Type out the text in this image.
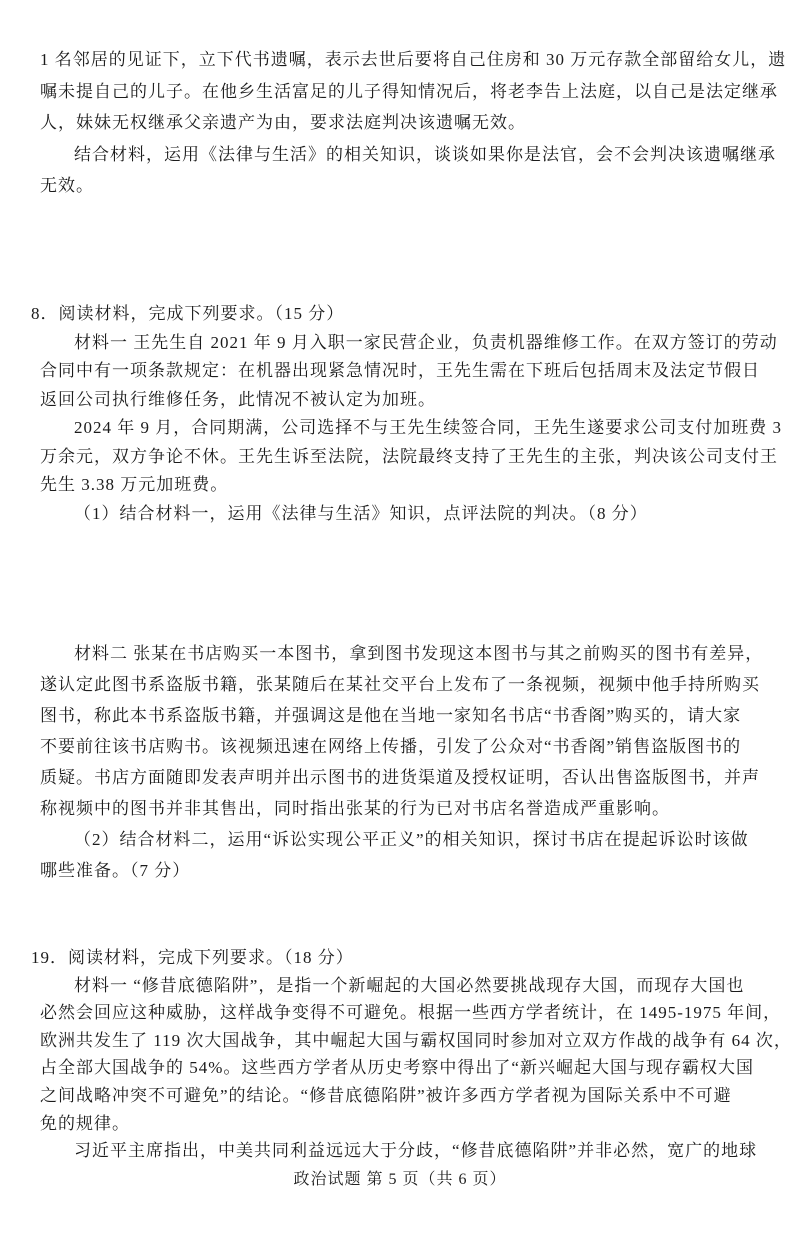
1 名邻居的见证下，立下代书遗嘱，表示去世后要将自己住房和 30 万元存款全部留给女儿，遗
嘱未提自己的儿子。在他乡生活富足的儿子得知情况后，将老李告上法庭，以自己是法定继承
人，妹妹无权继承父亲遗产为由，要求法庭判决该遗嘱无效。
结合材料，运用《法律与生活》的相关知识，谈谈如果你是法官，会不会判决该遗嘱继承
无效。
8．阅读材料，完成下列要求。（15 分）
材料一 王先生自 2021 年 9 月入职一家民营企业，负责机器维修工作。在双方签订的劳动
合同中有一项条款规定：在机器出现紧急情况时，王先生需在下班后包括周末及法定节假日
返回公司执行维修任务，此情况不被认定为加班。
2024 年 9 月，合同期满，公司选择不与王先生续签合同，王先生遂要求公司支付加班费 3
万余元，双方争论不休。王先生诉至法院，法院最终支持了王先生的主张，判决该公司支付王
先生 3.38 万元加班费。
（1）结合材料一，运用《法律与生活》知识，点评法院的判决。（8 分）
材料二 张某在书店购买一本图书，拿到图书发现这本图书与其之前购买的图书有差异，
遂认定此图书系盗版书籍，张某随后在某社交平台上发布了一条视频，视频中他手持所购买
图书，称此本书系盗版书籍，并强调这是他在当地一家知名书店“书香阁”购买的，请大家
不要前往该书店购书。该视频迅速在网络上传播，引发了公众对“书香阁”销售盗版图书的
质疑。书店方面随即发表声明并出示图书的进货渠道及授权证明，否认出售盗版图书，并声
称视频中的图书并非其售出，同时指出张某的行为已对书店名誉造成严重影响。
（2）结合材料二，运用“诉讼实现公平正义”的相关知识，探讨书店在提起诉讼时该做
哪些准备。（7 分）
19．阅读材料，完成下列要求。（18 分）
材料一 “修昔底德陷阱”，是指一个新崛起的大国必然要挑战现存大国，而现存大国也
必然会回应这种威胁，这样战争变得不可避免。根据一些西方学者统计，在 1495-1975 年间，
欧洲共发生了 119 次大国战争，其中崛起大国与霸权国同时参加对立双方作战的战争有 64 次，
占全部大国战争的 54%。这些西方学者从历史考察中得出了“新兴崛起大国与现存霸权大国
之间战略冲突不可避免”的结论。“修昔底德陷阱”被许多西方学者视为国际关系中不可避
免的规律。
习近平主席指出，中美共同利益远远大于分歧，“修昔底德陷阱”并非必然，宽广的地球
政治试题 第 5 页（共 6 页）
